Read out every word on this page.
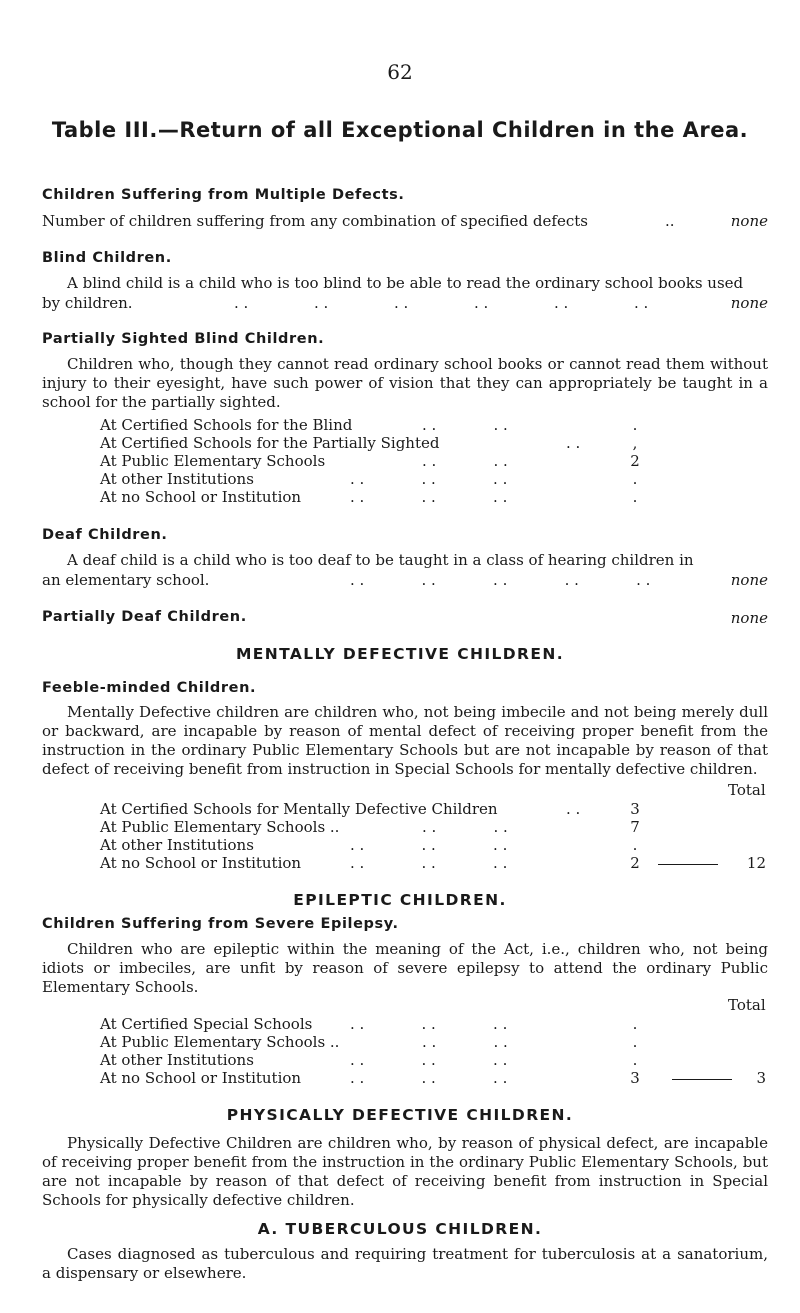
62
Table III.—Return of all Exceptional Children in the Area.
Children Suffering from Multiple Defects.
Number of children suffering from any combination of specified defects	..	none
Blind Children.
A blind child is a child who is too blind to be able to read the ordinary school books used
by children.	. .	. .	. .	. .	. .	. .	none
Partially Sighted Blind Children.
Children who, though they cannot read ordinary school books or cannot read them without injury to their eyesight, have such power of vision that they can appropriately be taught in a school for the partially sighted.
At Certified Schools for the Blind	. .            . .	.
At Certified Schools for the Partially Sighted	. .	,
At Public Elementary Schools	. .            . .	2
At other Institutions	. .            . .            . .	.
At no School or Institution	. .            . .            . .	.
Deaf Children.
A deaf child is a child who is too deaf to be taught in a class of hearing children in
an elementary school.	. .            . .            . .            . .            . .	none
Partially Deaf Children.	none
MENTALLY DEFECTIVE CHILDREN.
Feeble-minded Children.
Mentally Defective children are children who, not being imbecile and not being merely dull or backward, are incapable by reason of mental defect of receiving proper benefit from the instruction in the ordinary Public Elementary Schools but are not incapable by reason of that defect of receiving benefit from instruction in Special Schools for mentally defective children.
Total
At Certified Schools for Mentally Defective Children	. .	3
At Public Elementary Schools ..	. .            . .	7
At other Institutions	. .            . .            . .	.
At no School or Institution	. .            . .            . .	2	12
EPILEPTIC CHILDREN.
Children Suffering from Severe Epilepsy.
Children who are epileptic within the meaning of the Act, i.e., children who, not being idiots or imbeciles, are unfit by reason of severe epilepsy to attend the ordinary Public Elementary Schools.
Total
At Certified Special Schools	. .            . .            . .	.
At Public Elementary Schools ..	. .            . .	.
At other Institutions	. .            . .            . .	.
At no School or Institution	. .            . .            . .	3	3
PHYSICALLY DEFECTIVE CHILDREN.
Physically Defective Children are children who, by reason of physical defect, are incapable of receiving proper benefit from the instruction in the ordinary Public Elementary Schools, but are not incapable by reason of that defect of receiving benefit from instruction in Special Schools for physically defective children.
A. TUBERCULOUS CHILDREN.
Cases diagnosed as tuberculous and requiring treatment for tuberculosis at a sanatorium, a dispensary or elsewhere.
